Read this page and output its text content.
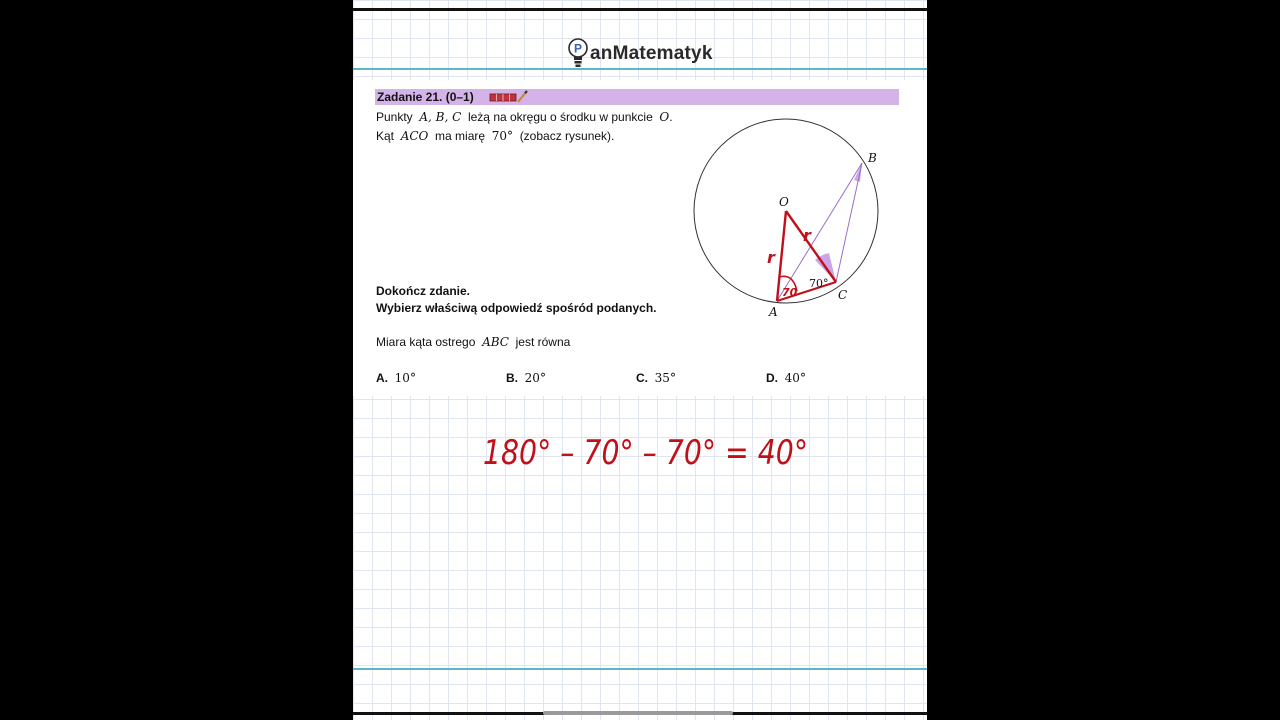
P anMatematyk
Zadanie 21. (0–1)
Punkty A, B, C leżą na okręgu o środku w punkcie O.
Kąt ACO ma miarę 70° (zobacz rysunek).
Dokończ zdanie.
Wybierz właściwą odpowiedź spośród podanych.
Miara kąta ostrego ABC jest równa
A. 10°	B. 20°	C. 35°	D. 40°
B
O
A
C
70°
r
r
70
180° – 70° – 70° = 40°
